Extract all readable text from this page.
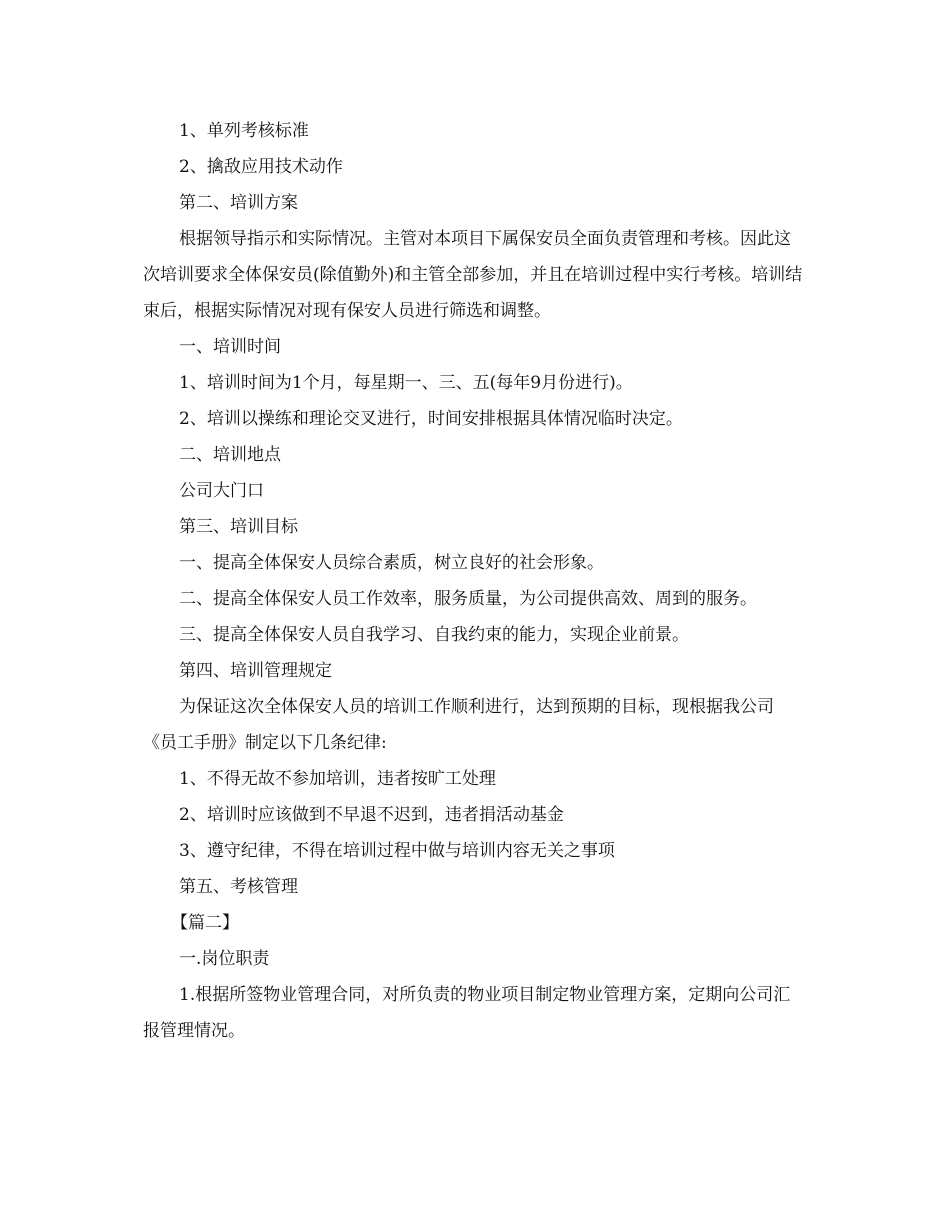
1、单列考核标准

2、擒敌应用技术动作

第二、培训方案

根据领导指示和实际情况。主管对本项目下属保安员全面负责管理和考核。因此这次培训要求全体保安员(除值勤外)和主管全部参加，并且在培训过程中实行考核。培训结束后，根据实际情况对现有保安人员进行筛选和调整。

一、培训时间

1、培训时间为1个月，每星期一、三、五(每年9月份进行)。

2、培训以操练和理论交叉进行，时间安排根据具体情况临时决定。

二、培训地点

公司大门口

第三、培训目标

一、提高全体保安人员综合素质，树立良好的社会形象。

二、提高全体保安人员工作效率，服务质量，为公司提供高效、周到的服务。

三、提高全体保安人员自我学习、自我约束的能力，实现企业前景。

第四、培训管理规定

为保证这次全体保安人员的培训工作顺利进行，达到预期的目标，现根据我公司《员工手册》制定以下几条纪律:

1、不得无故不参加培训，违者按旷工处理

2、培训时应该做到不早退不迟到，违者捐活动基金

3、遵守纪律，不得在培训过程中做与培训内容无关之事项

第五、考核管理

【篇二】

一.岗位职责

1.根据所签物业管理合同，对所负责的物业项目制定物业管理方案，定期向公司汇报管理情况。
